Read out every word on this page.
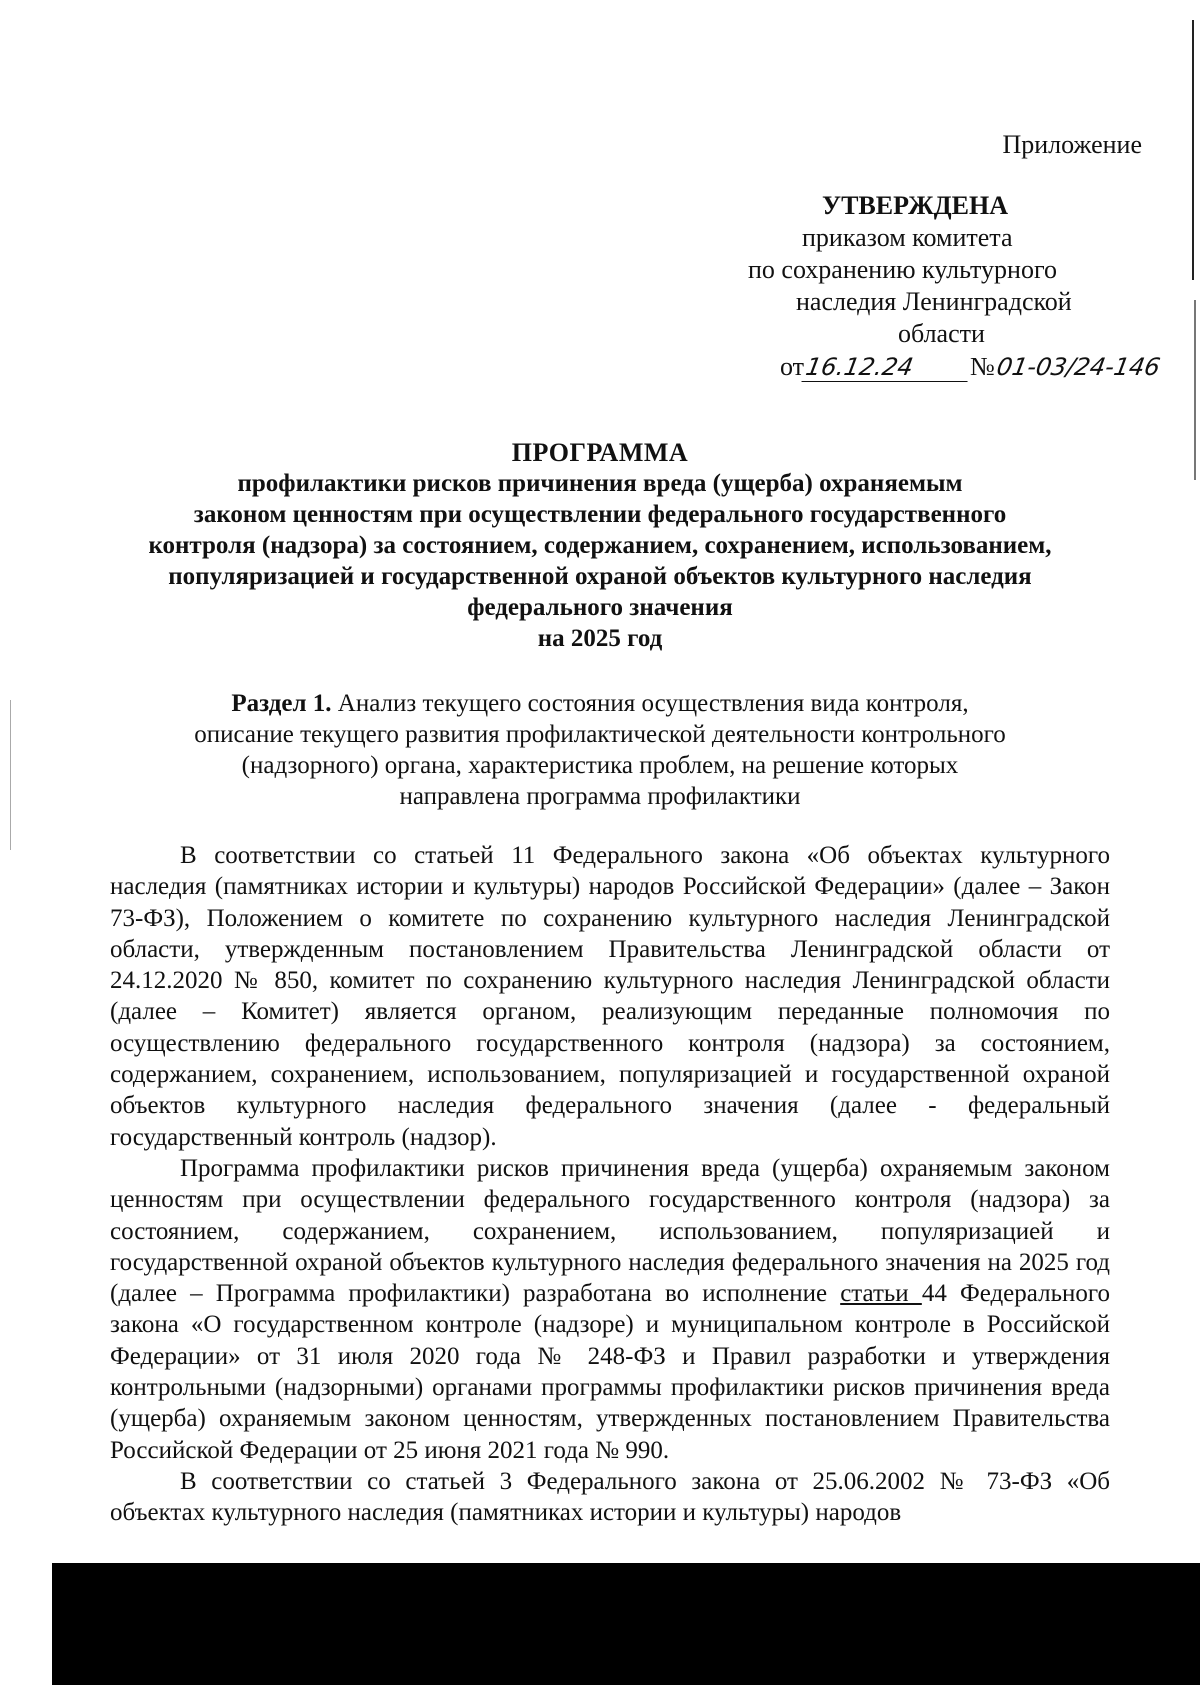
Приложение
УТВЕРЖДЕНА
приказом комитета
по сохранению культурного
наследия Ленинградской
области
от16.12.24 №01-03/24-146
ПРОГРАММА
профилактики рисков причинения вреда (ущерба) охраняемым
законом ценностям при осуществлении федерального государственного
контроля (надзора) за состоянием, содержанием, сохранением, использованием,
популяризацией и государственной охраной объектов культурного наследия
федерального значения
на 2025 год
Раздел 1. Анализ текущего состояния осуществления вида контроля,
описание текущего развития профилактической деятельности контрольного
(надзорного) органа, характеристика проблем, на решение которых
направлена программа профилактики

В соответствии со статьей 11 Федерального закона «Об объектах культурного наследия (памятниках истории и культуры) народов Российской Федерации» (далее – Закон 73-ФЗ), Положением о комитете по сохранению культурного наследия Ленинградской области, утвержденным постановлением Правительства Ленинградской области от 24.12.2020 № 850, комитет по сохранению культурного наследия Ленинградской области (далее – Комитет) является органом, реализующим переданные полномочия по осуществлению федерального государственного контроля (надзора) за состоянием, содержанием, сохранением, использованием, популяризацией и государственной охраной объектов культурного наследия федерального значения (далее - федеральный государственный контроль (надзор).

Программа профилактики рисков причинения вреда (ущерба) охраняемым законом ценностям при осуществлении федерального государственного контроля (надзора) за состоянием, содержанием, сохранением, использованием, популяризацией и государственной охраной объектов культурного наследия федерального значения на 2025 год (далее – Программа профилактики) разработана во исполнение статьи 44 Федерального закона «О государственном контроле (надзоре) и муниципальном контроле в Российской Федерации» от 31 июля 2020 года № 248-ФЗ и Правил разработки и утверждения контрольными (надзорными) органами программы профилактики рисков причинения вреда (ущерба) охраняемым законом ценностям, утвержденных постановлением Правительства Российской Федерации от 25 июня 2021 года № 990.

В соответствии со статьей 3 Федерального закона от 25.06.2002 № 73-ФЗ «Об объектах культурного наследия (памятниках истории и культуры) народов
